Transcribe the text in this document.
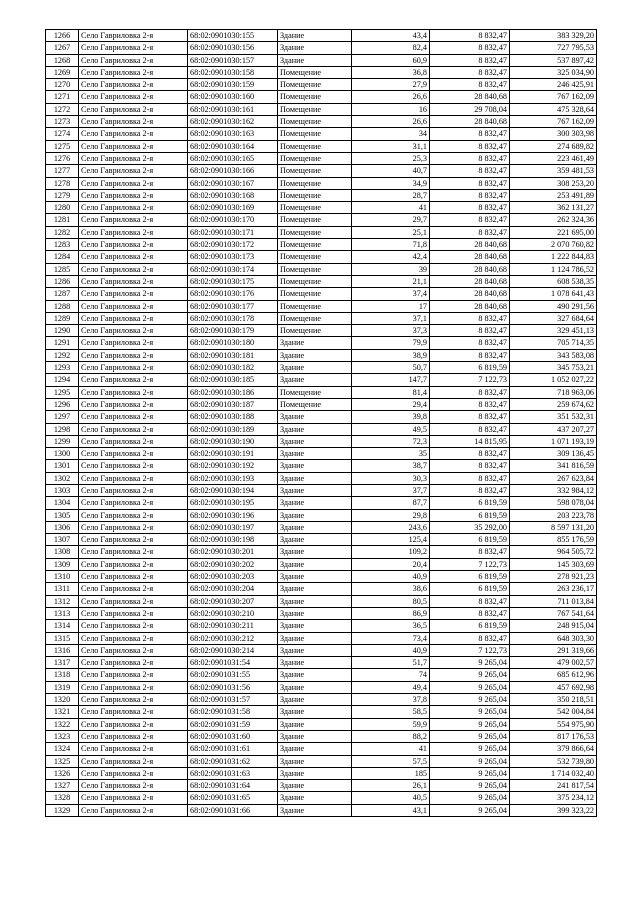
1266	Село Гавриловка 2-я	68:02:0901030:155	Здание	43,4	8 832,47	383 329,20
1267	Село Гавриловка 2-я	68:02:0901030:156	Здание	82,4	8 832,47	727 795,53
1268	Село Гавриловка 2-я	68:02:0901030:157	Здание	60,9	8 832,47	537 897,42
1269	Село Гавриловка 2-я	68:02:0901030:158	Помещение	36,8	8 832,47	325 034,90
1270	Село Гавриловка 2-я	68:02:0901030:159	Помещение	27,9	8 832,47	246 425,91
1271	Село Гавриловка 2-я	68:02:0901030:160	Помещение	26,6	28 840,68	767 162,09
1272	Село Гавриловка 2-я	68:02:0901030:161	Помещение	16	29 708,04	475 328,64
1273	Село Гавриловка 2-я	68:02:0901030:162	Помещение	26,6	28 840,68	767 162,09
1274	Село Гавриловка 2-я	68:02:0901030:163	Помещение	34	8 832,47	300 303,98
1275	Село Гавриловка 2-я	68:02:0901030:164	Помещение	31,1	8 832,47	274 689,82
1276	Село Гавриловка 2-я	68:02:0901030:165	Помещение	25,3	8 832,47	223 461,49
1277	Село Гавриловка 2-я	68:02:0901030:166	Помещение	40,7	8 832,47	359 481,53
1278	Село Гавриловка 2-я	68:02:0901030:167	Помещение	34,9	8 832,47	308 253,20
1279	Село Гавриловка 2-я	68:02:0901030:168	Помещение	28,7	8 832,47	253 491,89
1280	Село Гавриловка 2-я	68:02:0901030:169	Помещение	41	8 832,47	362 131,27
1281	Село Гавриловка 2-я	68:02:0901030:170	Помещение	29,7	8 832,47	262 324,36
1282	Село Гавриловка 2-я	68:02:0901030:171	Помещение	25,1	8 832,47	221 695,00
1283	Село Гавриловка 2-я	68:02:0901030:172	Помещение	71,8	28 840,68	2 070 760,82
1284	Село Гавриловка 2-я	68:02:0901030:173	Помещение	42,4	28 840,68	1 222 844,83
1285	Село Гавриловка 2-я	68:02:0901030:174	Помещение	39	28 840,68	1 124 786,52
1286	Село Гавриловка 2-я	68:02:0901030:175	Помещение	21,1	28 840,68	608 538,35
1287	Село Гавриловка 2-я	68:02:0901030:176	Помещение	37,4	28 840,68	1 078 641,43
1288	Село Гавриловка 2-я	68:02:0901030:177	Помещение	17	28 840,68	490 291,56
1289	Село Гавриловка 2-я	68:02:0901030:178	Помещение	37,1	8 832,47	327 684,64
1290	Село Гавриловка 2-я	68:02:0901030:179	Помещение	37,3	8 832,47	329 451,13
1291	Село Гавриловка 2-я	68:02:0901030:180	Здание	79,9	8 832,47	705 714,35
1292	Село Гавриловка 2-я	68:02:0901030:181	Здание	38,9	8 832,47	343 583,08
1293	Село Гавриловка 2-я	68:02:0901030:182	Здание	50,7	6 819,59	345 753,21
1294	Село Гавриловка 2-я	68:02:0901030:185	Здание	147,7	7 122,73	1 052 027,22
1295	Село Гавриловка 2-я	68:02:0901030:186	Помещение	81,4	8 832,47	718 963,06
1296	Село Гавриловка 2-я	68:02:0901030:187	Помещение	29,4	8 832,47	259 674,62
1297	Село Гавриловка 2-я	68:02:0901030:188	Здание	39,8	8 832,47	351 532,31
1298	Село Гавриловка 2-я	68:02:0901030:189	Здание	49,5	8 832,47	437 207,27
1299	Село Гавриловка 2-я	68:02:0901030:190	Здание	72,3	14 815,95	1 071 193,19
1300	Село Гавриловка 2-я	68:02:0901030:191	Здание	35	8 832,47	309 136,45
1301	Село Гавриловка 2-я	68:02:0901030:192	Здание	38,7	8 832,47	341 816,59
1302	Село Гавриловка 2-я	68:02:0901030:193	Здание	30,3	8 832,47	267 623,84
1303	Село Гавриловка 2-я	68:02:0901030:194	Здание	37,7	8 832,47	332 984,12
1304	Село Гавриловка 2-я	68:02:0901030:195	Здание	87,7	6 819,59	598 078,04
1305	Село Гавриловка 2-я	68:02:0901030:196	Здание	29,8	6 819,59	203 223,78
1306	Село Гавриловка 2-я	68:02:0901030:197	Здание	243,6	35 292,00	8 597 131,20
1307	Село Гавриловка 2-я	68:02:0901030:198	Здание	125,4	6 819,59	855 176,59
1308	Село Гавриловка 2-я	68:02:0901030:201	Здание	109,2	8 832,47	964 505,72
1309	Село Гавриловка 2-я	68:02:0901030:202	Здание	20,4	7 122,73	145 303,69
1310	Село Гавриловка 2-я	68:02:0901030:203	Здание	40,9	6 819,59	278 921,23
1311	Село Гавриловка 2-я	68:02:0901030:204	Здание	38,6	6 819,59	263 236,17
1312	Село Гавриловка 2-я	68:02:0901030:207	Здание	80,5	8 832,47	711 013,84
1313	Село Гавриловка 2-я	68:02:0901030:210	Здание	86,9	8 832,47	767 541,64
1314	Село Гавриловка 2-я	68:02:0901030:211	Здание	36,5	6 819,59	248 915,04
1315	Село Гавриловка 2-я	68:02:0901030:212	Здание	73,4	8 832,47	648 303,30
1316	Село Гавриловка 2-я	68:02:0901030:214	Здание	40,9	7 122,73	291 319,66
1317	Село Гавриловка 2-я	68:02:0901031:54	Здание	51,7	9 265,04	479 002,57
1318	Село Гавриловка 2-я	68:02:0901031:55	Здание	74	9 265,04	685 612,96
1319	Село Гавриловка 2-я	68:02:0901031:56	Здание	49,4	9 265,04	457 692,98
1320	Село Гавриловка 2-я	68:02:0901031:57	Здание	37,8	9 265,04	350 218,51
1321	Село Гавриловка 2-я	68:02:0901031:58	Здание	58,5	9 265,04	542 004,84
1322	Село Гавриловка 2-я	68:02:0901031:59	Здание	59,9	9 265,04	554 975,90
1323	Село Гавриловка 2-я	68:02:0901031:60	Здание	88,2	9 265,04	817 176,53
1324	Село Гавриловка 2-я	68:02:0901031:61	Здание	41	9 265,04	379 866,64
1325	Село Гавриловка 2-я	68:02:0901031:62	Здание	57,5	9 265,04	532 739,80
1326	Село Гавриловка 2-я	68:02:0901031:63	Здание	185	9 265,04	1 714 032,40
1327	Село Гавриловка 2-я	68:02:0901031:64	Здание	26,1	9 265,04	241 817,54
1328	Село Гавриловка 2-я	68:02:0901031:65	Здание	40,5	9 265,04	375 234,12
1329	Село Гавриловка 2-я	68:02:0901031:66	Здание	43,1	9 265,04	399 323,22
